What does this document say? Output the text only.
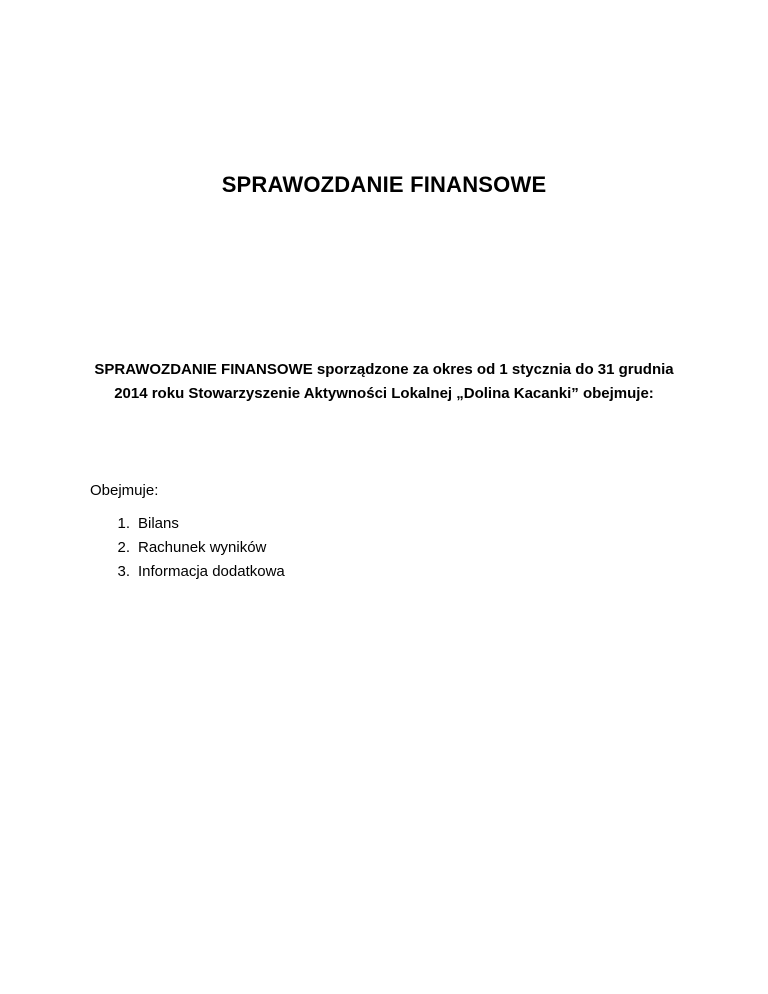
SPRAWOZDANIE FINANSOWE

SPRAWOZDANIE FINANSOWE sporządzone za okres od 1 stycznia do 31 grudnia 2014 roku Stowarzyszenie Aktywności Lokalnej „Dolina Kacanki” obejmuje:

Obejmuje:

1. Bilans
2. Rachunek wyników
3. Informacja dodatkowa
